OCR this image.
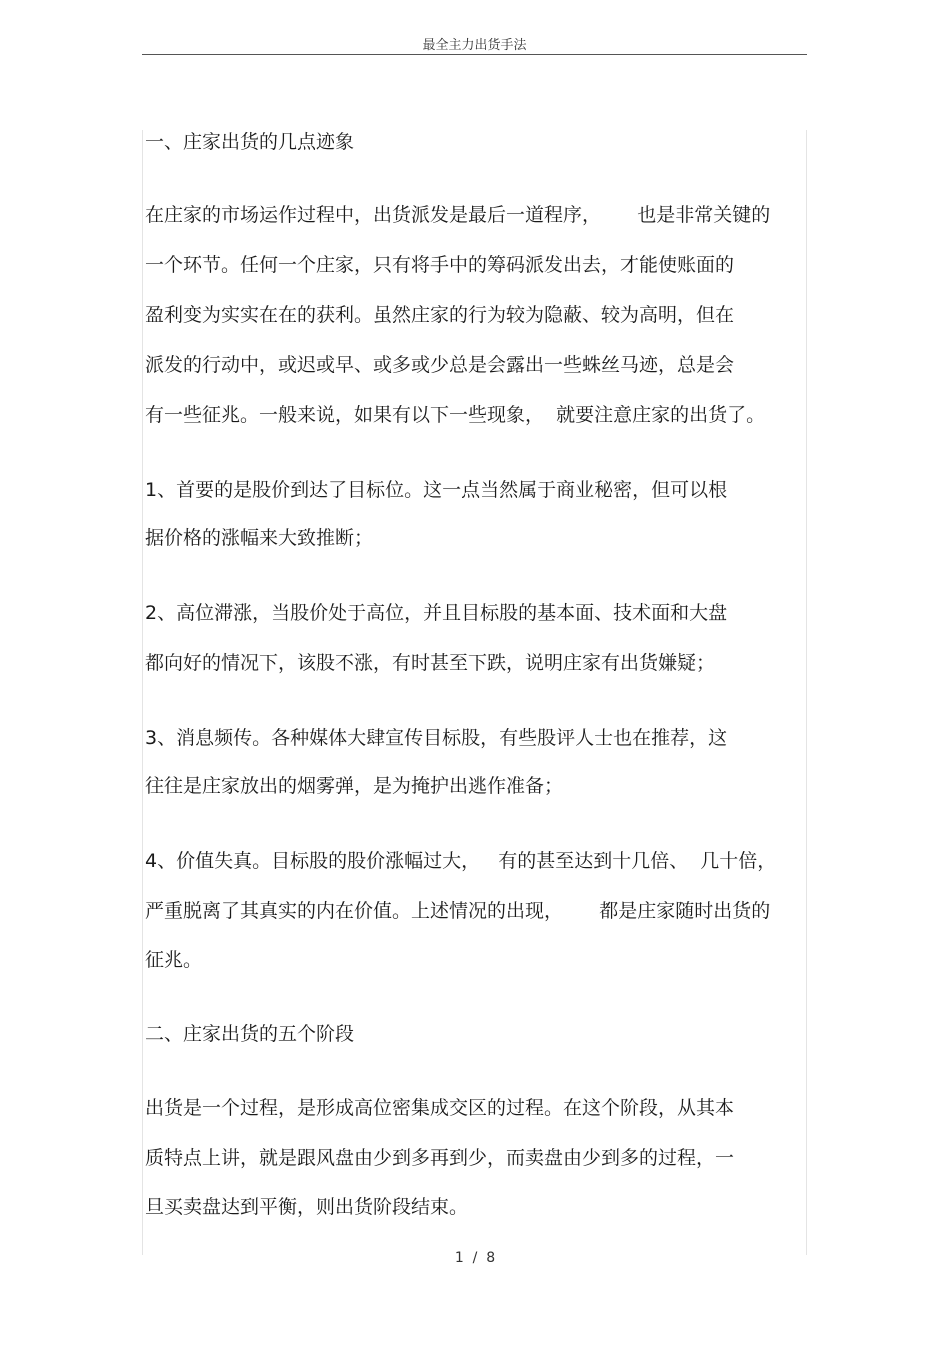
最全主力出货手法
一、庄家出货的几点迹象
在庄家的市场运作过程中，出货派发是最后一道程序，      也是非常关键的
一个环节。任何一个庄家，只有将手中的筹码派发出去，才能使账面的
盈利变为实实在在的获利。虽然庄家的行为较为隐蔽、较为高明，但在
派发的行动中，或迟或早、或多或少总是会露出一些蛛丝马迹，总是会
有一些征兆。一般来说，如果有以下一些现象，  就要注意庄家的出货了。
1、首要的是股价到达了目标位。这一点当然属于商业秘密，但可以根
据价格的涨幅来大致推断；
2、高位滞涨，当股价处于高位，并且目标股的基本面、技术面和大盘
都向好的情况下，该股不涨，有时甚至下跌，说明庄家有出货嫌疑；
3、消息频传。各种媒体大肆宣传目标股，有些股评人士也在推荐，这
往往是庄家放出的烟雾弹，是为掩护出逃作准备；
4、价值失真。目标股的股价涨幅过大，   有的甚至达到十几倍、  几十倍，
严重脱离了其真实的内在价值。上述情况的出现，      都是庄家随时出货的
征兆。
二、庄家出货的五个阶段
出货是一个过程，是形成高位密集成交区的过程。在这个阶段，从其本
质特点上讲，就是跟风盘由少到多再到少，而卖盘由少到多的过程，一
旦买卖盘达到平衡，则出货阶段结束。
1  /  8
